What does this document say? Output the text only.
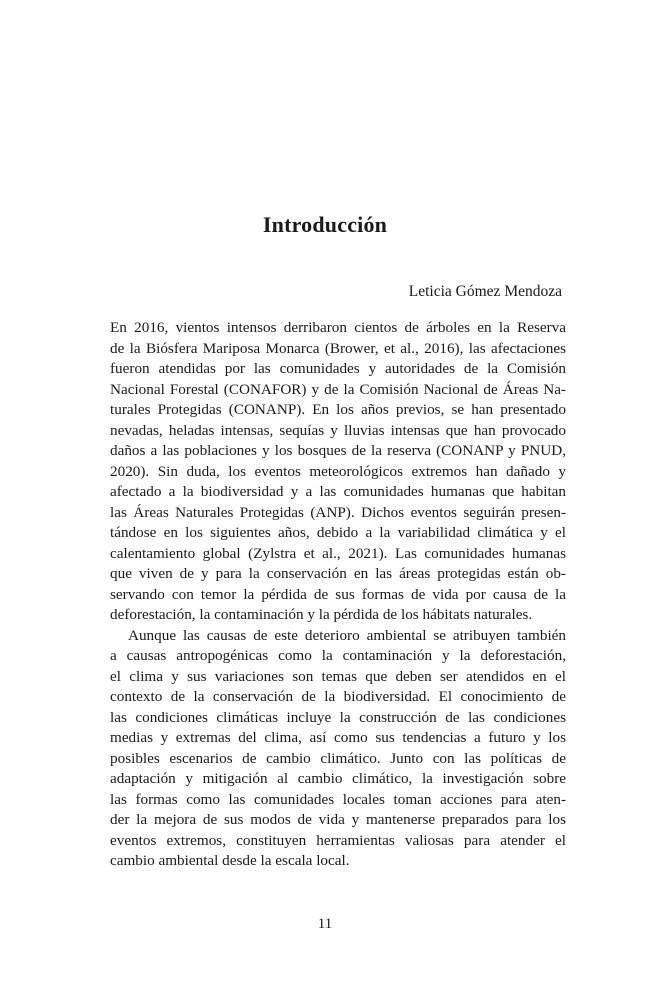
Introducción
Leticia Gómez Mendoza
En 2016, vientos intensos derribaron cientos de árboles en la Reserva
de la Biósfera Mariposa Monarca (Brower, et al., 2016), las afectaciones
fueron atendidas por las comunidades y autoridades de la Comisión
Nacional Forestal (CONAFOR) y de la Comisión Nacional de Áreas Na-
turales Protegidas (CONANP). En los años previos, se han presentado
nevadas, heladas intensas, sequías y lluvias intensas que han provocado
daños a las poblaciones y los bosques de la reserva (CONANP y PNUD,
2020). Sin duda, los eventos meteorológicos extremos han dañado y
afectado a la biodiversidad y a las comunidades humanas que habitan
las Áreas Naturales Protegidas (ANP). Dichos eventos seguirán presen-
tándose en los siguientes años, debido a la variabilidad climática y el
calentamiento global (Zylstra et al., 2021). Las comunidades humanas
que viven de y para la conservación en las áreas protegidas están ob-
servando con temor la pérdida de sus formas de vida por causa de la
deforestación, la contaminación y la pérdida de los hábitats naturales.
Aunque las causas de este deterioro ambiental se atribuyen también
a causas antropogénicas como la contaminación y la deforestación,
el clima y sus variaciones son temas que deben ser atendidos en el
contexto de la conservación de la biodiversidad. El conocimiento de
las condiciones climáticas incluye la construcción de las condiciones
medias y extremas del clima, así como sus tendencias a futuro y los
posibles escenarios de cambio climático. Junto con las políticas de
adaptación y mitigación al cambio climático, la investigación sobre
las formas como las comunidades locales toman acciones para aten-
der la mejora de sus modos de vida y mantenerse preparados para los
eventos extremos, constituyen herramientas valiosas para atender el
cambio ambiental desde la escala local.
11
